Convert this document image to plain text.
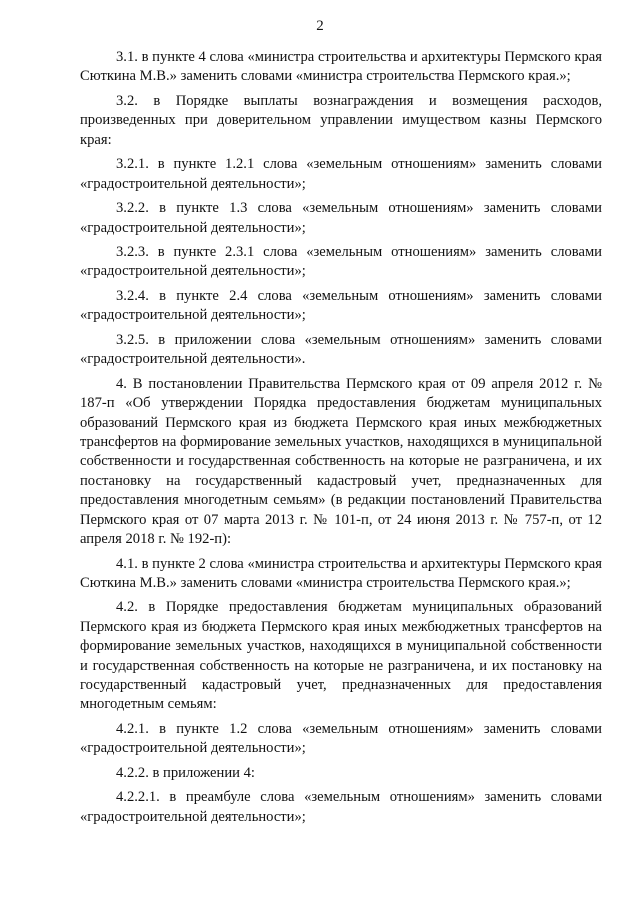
2

3.1. в пункте 4 слова «министра строительства и архитектуры Пермского края Сюткина М.В.» заменить словами «министра строительства Пермского края.»;

3.2. в Порядке выплаты вознаграждения и возмещения расходов, произведенных при доверительном управлении имуществом казны Пермского края:

3.2.1. в пункте 1.2.1 слова «земельным отношениям» заменить словами «градостроительной деятельности»;

3.2.2. в пункте 1.3 слова «земельным отношениям» заменить словами «градостроительной деятельности»;

3.2.3. в пункте 2.3.1 слова «земельным отношениям» заменить словами «градостроительной деятельности»;

3.2.4. в пункте 2.4 слова «земельным отношениям» заменить словами «градостроительной деятельности»;

3.2.5. в приложении слова «земельным отношениям» заменить словами «градостроительной деятельности».

4. В постановлении Правительства Пермского края от 09 апреля 2012 г. № 187-п «Об утверждении Порядка предоставления бюджетам муниципальных образований Пермского края из бюджета Пермского края иных межбюджетных трансфертов на формирование земельных участков, находящихся в муниципальной собственности и государственная собственность на которые не разграничена, и их постановку на государственный кадастровый учет, предназначенных для предоставления многодетным семьям» (в редакции постановлений Правительства Пермского края от 07 марта 2013 г. № 101-п, от 24 июня 2013 г. № 757-п, от 12 апреля 2018 г. № 192-п):

4.1. в пункте 2 слова «министра строительства и архитектуры Пермского края Сюткина М.В.» заменить словами «министра строительства Пермского края.»;

4.2. в Порядке предоставления бюджетам муниципальных образований Пермского края из бюджета Пермского края иных межбюджетных трансфертов на формирование земельных участков, находящихся в муниципальной собственности и государственная собственность на которые не разграничена, и их постановку на государственный кадастровый учет, предназначенных для предоставления многодетным семьям:

4.2.1. в пункте 1.2 слова «земельным отношениям» заменить словами «градостроительной деятельности»;

4.2.2. в приложении 4:

4.2.2.1. в преамбуле слова «земельным отношениям» заменить словами «градостроительной деятельности»;
